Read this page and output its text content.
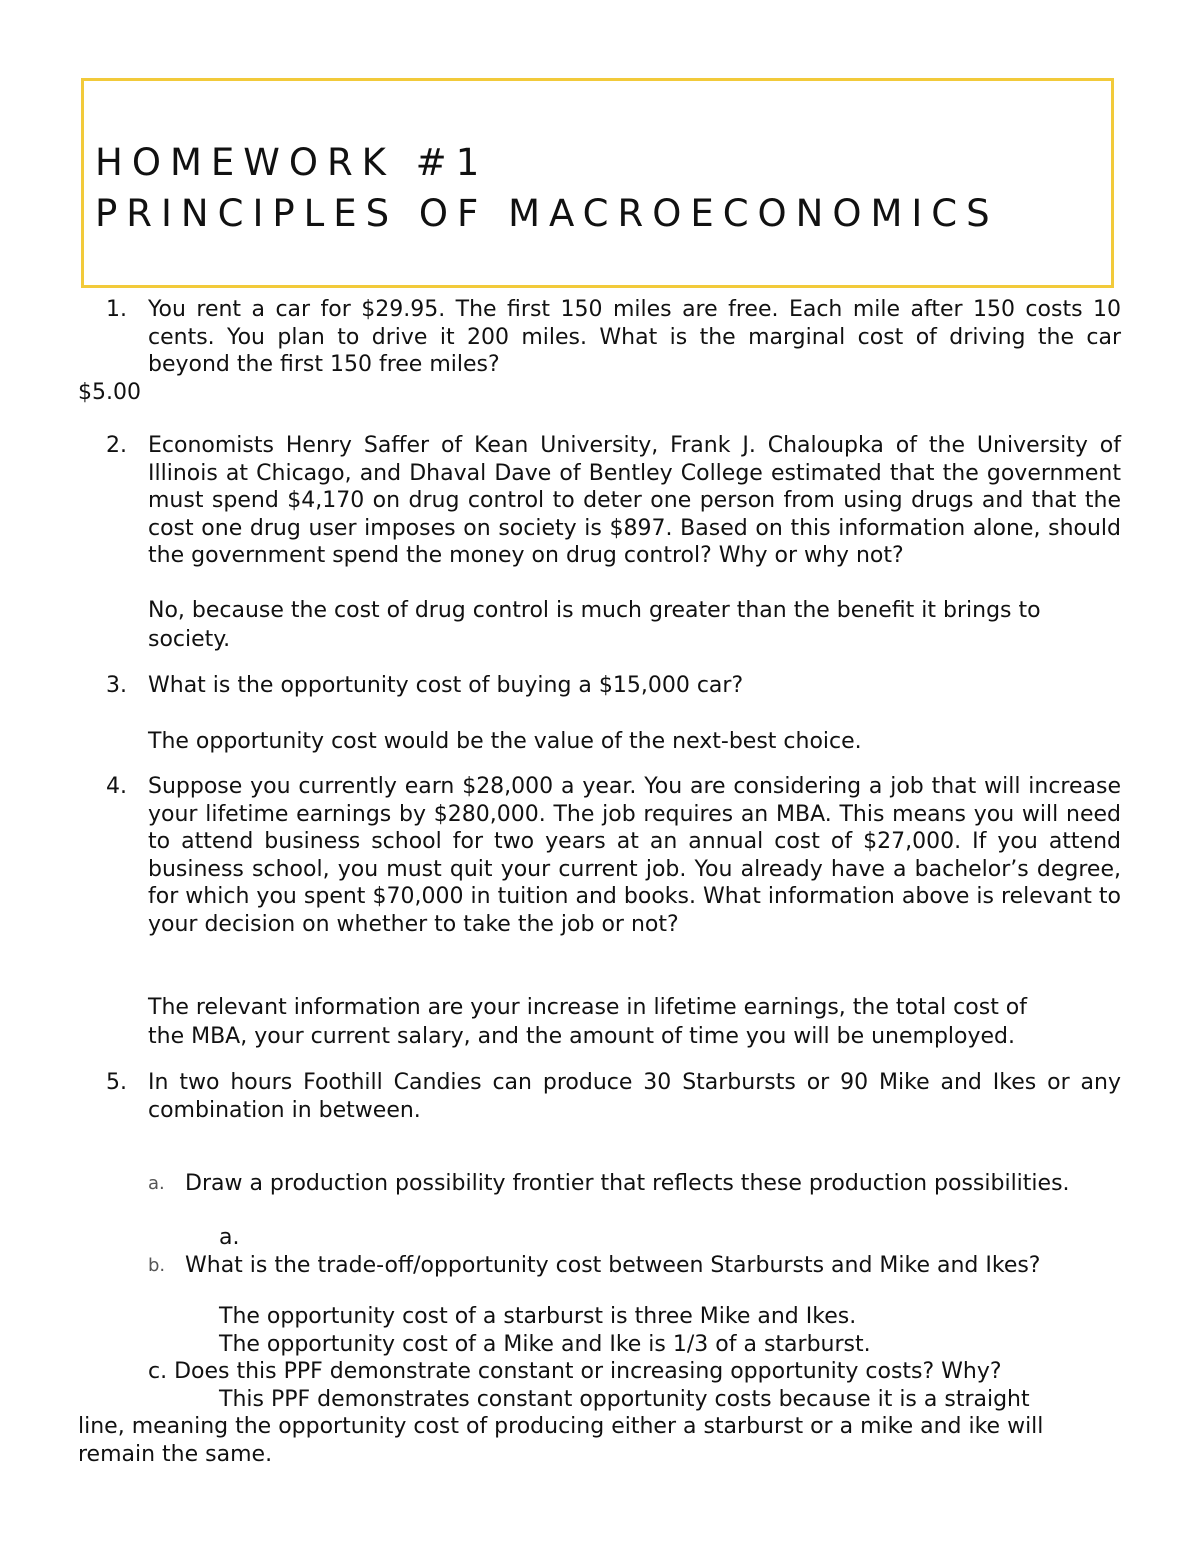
HOMEWORK #1
PRINCIPLES OF MACROECONOMICS
1. You rent a car for $29.95. The first 150 miles are free. Each mile after 150 costs 10 cents. You plan to drive it 200 miles. What is the marginal cost of driving the car beyond the first 150 free miles?
$5.00
2. Economists Henry Saffer of Kean University, Frank J. Chaloupka of the University of Illinois at Chicago, and Dhaval Dave of Bentley College estimated that the government must spend $4,170 on drug control to deter one person from using drugs and that the cost one drug user imposes on society is $897. Based on this information alone, should the government spend the money on drug control? Why or why not?
No, because the cost of drug control is much greater than the benefit it brings to
society.
3. What is the opportunity cost of buying a $15,000 car?
The opportunity cost would be the value of the next-best choice.
4. Suppose you currently earn $28,000 a year. You are considering a job that will increase your lifetime earnings by $280,000. The job requires an MBA. This means you will need to attend business school for two years at an annual cost of $27,000. If you attend business school, you must quit your current job. You already have a bachelor’s degree, for which you spent $70,000 in tuition and books. What information above is relevant to your decision on whether to take the job or not?
The relevant information are your increase in lifetime earnings, the total cost of
the MBA, your current salary, and the amount of time you will be unemployed.
5. In two hours Foothill Candies can produce 30 Starbursts or 90 Mike and Ikes or any combination in between.
a. Draw a production possibility frontier that reflects these production possibilities.
a.
b. What is the trade-off/opportunity cost between Starbursts and Mike and Ikes?
The opportunity cost of a starburst is three Mike and Ikes.
The opportunity cost of a Mike and Ike is 1/3 of a starburst.
c. Does this PPF demonstrate constant or increasing opportunity costs? Why?
This PPF demonstrates constant opportunity costs because it is a straight
line, meaning the opportunity cost of producing either a starburst or a mike and ike will
remain the same.
